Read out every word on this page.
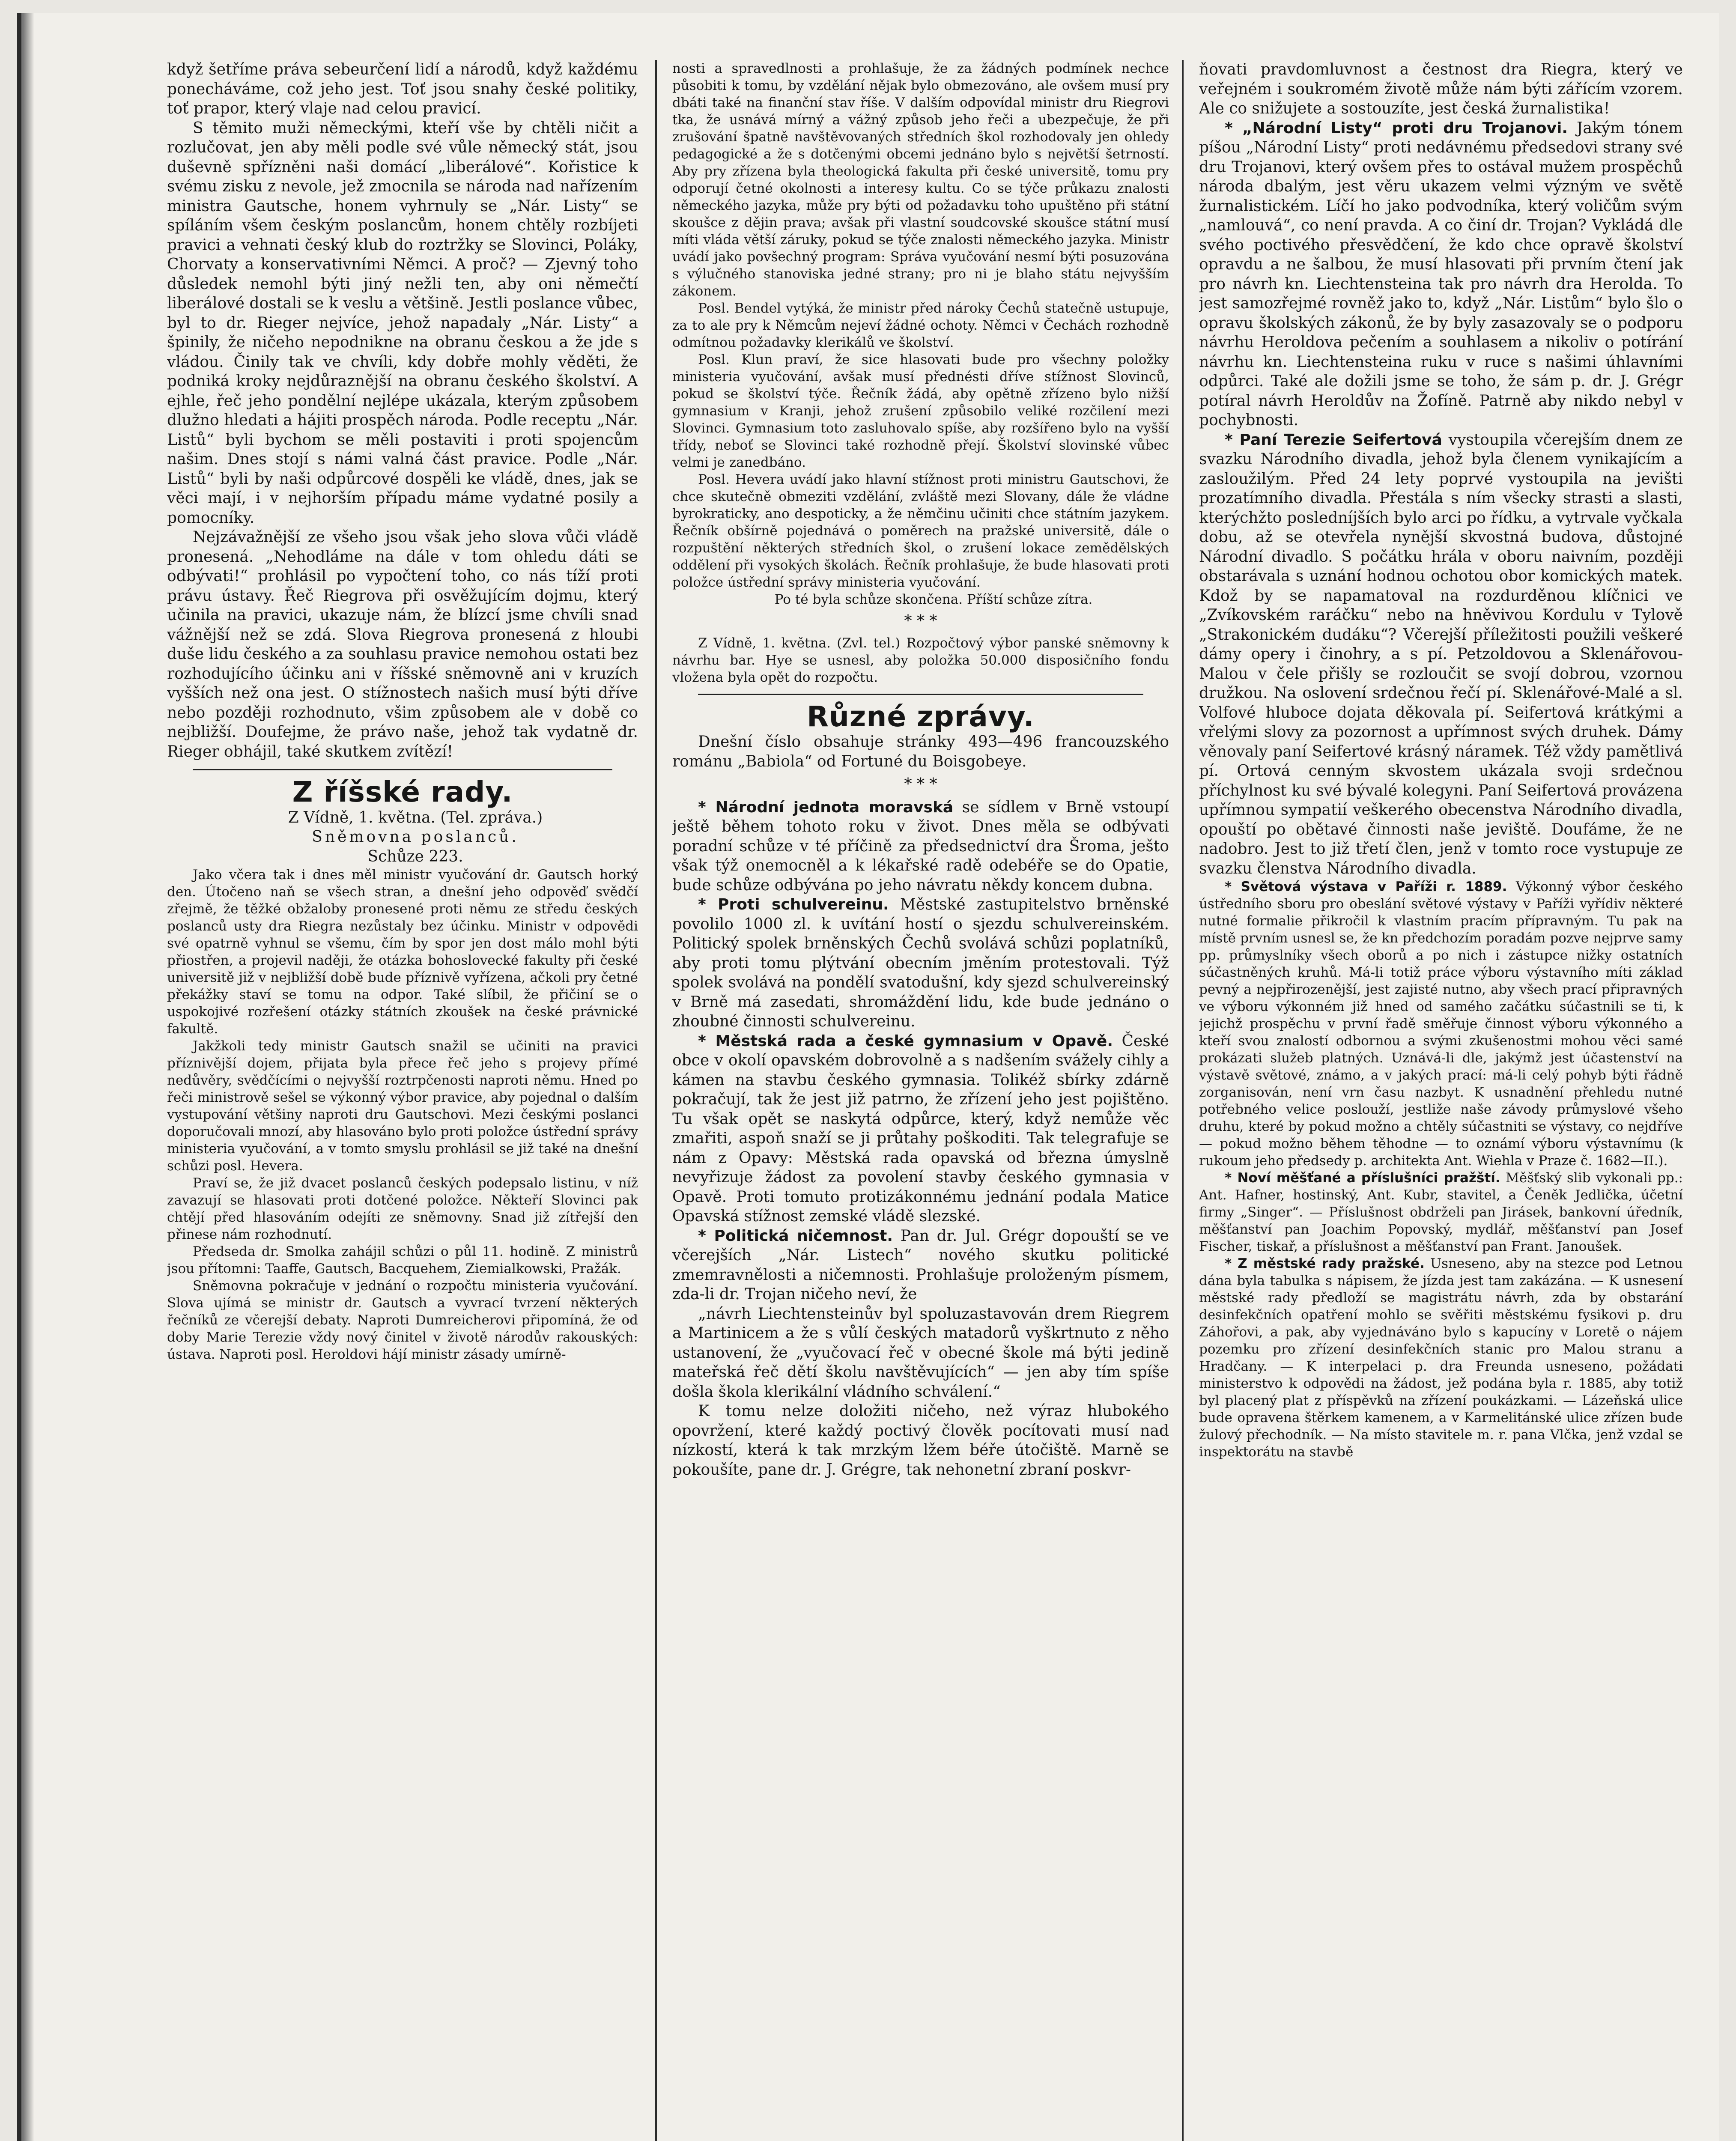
když šetříme práva sebeurčení lidí a národů, když každému ponecháváme, což jeho jest. Toť jsou snahy české politiky, toť prapor, který vlaje nad celou pravicí.

S těmito muži německými, kteří vše by chtěli ničit a rozlučovat, jen aby měli podle své vůle německý stát, jsou duševně spřízněni naši domácí „liberálové“. Kořistice k svému zisku z nevole, jež zmocnila se národa nad nařízením ministra Gautsche, honem vyhrnuly se „Nár. Listy“ se spíláním všem českým poslancům, honem chtěly rozbíjeti pravici a vehnati český klub do roztržky se Slovinci, Poláky, Chorvaty a konservativními Němci. A proč? — Zjevný toho důsledek nemohl býti jiný nežli ten, aby oni němečtí liberálové dostali se k veslu a většině. Jestli poslance vůbec, byl to dr. Rieger nejvíce, jehož napadaly „Nár. Listy“ a špinily, že ničeho nepodnikne na obranu českou a že jde s vládou. Činily tak ve chvíli, kdy dobře mohly věděti, že podniká kroky nejdůraznější na obranu českého školství. A ejhle, řeč jeho pondělní nejlépe ukázala, kterým způsobem dlužno hledati a hájiti prospěch národa. Podle receptu „Nár. Listů“ byli bychom se měli postaviti i proti spojencům našim. Dnes stojí s námi valná část pravice. Podle „Nár. Listů“ byli by naši odpůrcové dospěli ke vládě, dnes, jak se věci mají, i v nejhorším případu máme vydatné posily a pomocníky.

Nejzávažnější ze všeho jsou však jeho slova vůči vládě pronesená. „Nehodláme na dále v tom ohledu dáti se odbývati!“ prohlásil po vypočtení toho, co nás tíží proti právu ústavy. Řeč Riegrova při osvěžujícím dojmu, který učinila na pravici, ukazuje nám, že blízcí jsme chvíli snad vážnější než se zdá. Slova Riegrova pronesená z hloubi duše lidu českého a za souhlasu pravice nemohou ostati bez rozhodujícího účinku ani v říšské sněmovně ani v kruzích vyšších než ona jest. O stížnostech našich musí býti dříve nebo později rozhodnuto, všim způsobem ale v době co nejbližší. Doufejme, že právo naše, jehož tak vydatně dr. Rieger obhájil, také skutkem zvítězí!

Z říšské rady.

Z Vídně, 1. května. (Tel. zpráva.)

Sněmovna poslanců.

Schůze 223.

Jako včera tak i dnes měl ministr vyučování dr. Gautsch horký den. Útočeno naň se všech stran, a dnešní jeho odpověď svědčí zřejmě, že těžké obžaloby pronesené proti němu ze středu českých poslanců usty dra Riegra nezůstaly bez účinku. Ministr v odpovědi své opatrně vyhnul se všemu, čím by spor jen dost málo mohl býti přiostřen, a projevil naději, že otázka bohoslovecké fakulty při české universitě již v nejbližší době bude příznivě vyřízena, ačkoli pry četné překážky staví se tomu na odpor. Také slíbil, že přičiní se o uspokojivé rozřešení otázky státních zkoušek na české právnické fakultě.

Jakžkoli tedy ministr Gautsch snažil se učiniti na pravici příznivější dojem, přijata byla přece řeč jeho s projevy přímé nedůvěry, svědčícími o nejvyšší roztrpčenosti naproti němu. Hned po řeči ministrově sešel se výkonný výbor pravice, aby pojednal o dalším vystupování většiny naproti dru Gautschovi. Mezi českými poslanci doporučovali mnozí, aby hlasováno bylo proti položce ústřední správy ministeria vyučování, a v tomto smyslu prohlásil se již také na dnešní schůzi posl. Hevera.

Praví se, že již dvacet poslanců českých podepsalo listinu, v níž zavazují se hlasovati proti dotčené položce. Někteří Slovinci pak chtějí před hlasováním odejíti ze sněmovny. Snad již zítřejší den přinese nám rozhodnutí.

Předseda dr. Smolka zahájil schůzi o půl 11. hodině. Z ministrů jsou přítomni: Taaffe, Gautsch, Bacquehem, Ziemialkowski, Pražák.

Sněmovna pokračuje v jednání o rozpočtu ministeria vyučování. Slova ujímá se ministr dr. Gautsch a vyvrací tvrzení některých řečníků ze včerejší debaty. Naproti Dumreicherovi připomíná, že od doby Marie Terezie vždy nový činitel v životě národův rakouských: ústava. Naproti posl. Heroldovi hájí ministr zásady umírně-

nosti a spravedlnosti a prohlašuje, že za žádných podmínek nechce působiti k tomu, by vzdělání nějak bylo obmezováno, ale ovšem musí pry dbáti také na finanční stav říše. V dalším odpovídal ministr dru Riegrovi tka, že usnává mírný a vážný způsob jeho řeči a ubezpečuje, že při zrušování špatně navštěvovaných středních škol rozhodovaly jen ohledy pedagogické a že s dotčenými obcemi jednáno bylo s největší šetrností. Aby pry zřízena byla theologická fakulta při české universitě, tomu pry odporují četné okolnosti a interesy kultu. Co se týče průkazu znalosti německého jazyka, může pry býti od požadavku toho upuštěno při státní skoušce z dějin prava; avšak při vlastní soudcovské skoušce státní musí míti vláda větší záruky, pokud se týče znalosti německého jazyka. Ministr uvádí jako povšechný program: Správa vyučování nesmí býti posuzována s výlučného stanoviska jedné strany; pro ni je blaho státu nejvyšším zákonem.

Posl. Bendel vytýká, že ministr před nároky Čechů statečně ustupuje, za to ale pry k Němcům nejeví žádné ochoty. Němci v Čechách rozhodně odmítnou požadavky klerikálů ve školství.

Posl. Klun praví, že sice hlasovati bude pro všechny položky ministeria vyučování, avšak musí přednésti dříve stížnost Slovinců, pokud se školství týče. Řečník žádá, aby opětně zřízeno bylo nižší gymnasium v Kranji, jehož zrušení způsobilo veliké rozčilení mezi Slovinci. Gymnasium toto zasluhovalo spíše, aby rozšířeno bylo na vyšší třídy, neboť se Slovinci také rozhodně přejí. Školství slovinské vůbec velmi je zanedbáno.

Posl. Hevera uvádí jako hlavní stížnost proti ministru Gautschovi, že chce skutečně obmeziti vzdělání, zvláště mezi Slovany, dále že vládne byrokraticky, ano despoticky, a že němčinu učiniti chce státním jazykem. Řečník obšírně pojednává o poměrech na pražské universitě, dále o rozpuštění některých středních škol, o zrušení lokace zemědělských oddělení při vysokých školách. Řečník prohlašuje, že bude hlasovati proti položce ústřední správy ministeria vyučování.

Po té byla schůze skončena. Příští schůze zítra.

* * *

Z Vídně, 1. května. (Zvl. tel.) Rozpočtový výbor panské sněmovny k návrhu bar. Hye se usnesl, aby položka 50.000 disposičního fondu vložena byla opět do rozpočtu.

Různé zprávy.

Dnešní číslo obsahuje stránky 493—496 francouzského románu „Babiola“ od Fortuné du Boisgobeye.

* * *

* Národní jednota moravská se sídlem v Brně vstoupí ještě během tohoto roku v život. Dnes měla se odbývati poradní schůze v té příčině za předsednictví dra Šroma, ješto však týž onemocněl a k lékařské radě odebéře se do Opatie, bude schůze odbývána po jeho návratu někdy koncem dubna.

* Proti schulvereinu. Městské zastupitelstvo brněnské povolilo 1000 zl. k uvítání hostí o sjezdu schulvereinském. Politický spolek brněnských Čechů svolává schůzi poplatníků, aby proti tomu plýtvání obecním jměním protestovali. Týž spolek svolává na pondělí svatodušní, kdy sjezd schulvereinský v Brně má zasedati, shromáždění lidu, kde bude jednáno o zhoubné činnosti schulvereinu.

* Městská rada a české gymnasium v Opavě. České obce v okolí opavském dobrovolně a s nadšením svážely cihly a kámen na stavbu českého gymnasia. Tolikéž sbírky zdárně pokračují, tak že jest již patrno, že zřízení jeho jest pojištěno. Tu však opět se naskytá odpůrce, který, když nemůže věc zmařiti, aspoň snaží se ji průtahy poškoditi. Tak telegrafuje se nám z Opavy: Městská rada opavská od března úmyslně nevyřizuje žádost za povolení stavby českého gymnasia v Opavě. Proti tomuto protizákonnému jednání podala Matice Opavská stížnost zemské vládě slezské.

* Politická ničemnost. Pan dr. Jul. Grégr dopouští se ve včerejších „Nár. Listech“ nového skutku politické zmemravnělosti a ničemnosti. Prohlašuje proloženým písmem, zda-li dr. Trojan ničeho neví, že

„návrh Liechtensteinův byl spoluzastavován drem Riegrem a Martinicem a že s vůlí českých matadorů vyškrtnuto z něho ustanovení, že „vyučovací řeč v obecné škole má býti jedině mateřská řeč dětí školu navštěvujících“ — jen aby tím spíše došla škola klerikální vládního schválení.“

K tomu nelze doložiti ničeho, než výraz hlubokého opovržení, které každý poctivý člověk pocítovati musí nad nízkostí, která k tak mrzkým lžem béře útočiště. Marně se pokoušíte, pane dr. J. Grégre, tak nehonetní zbraní poskvr-

ňovati pravdomluvnost a čestnost dra Riegra, který ve veřejném i soukromém životě může nám býti zářícím vzorem. Ale co snižujete a sostouzíte, jest česká žurnalistika!

* „Národní Listy“ proti dru Trojanovi. Jakým tónem píšou „Národní Listy“ proti nedávnému předsedovi strany své dru Trojanovi, který ovšem přes to ostával mužem prospěchů národa dbalým, jest věru ukazem velmi význým ve světě žurnalistickém. Líčí ho jako podvodníka, který voličům svým „namlouvá“, co není pravda. A co činí dr. Trojan? Vykládá dle svého poctivého přesvědčení, že kdo chce opravě školství opravdu a ne šalbou, že musí hlasovati při prvním čtení jak pro návrh kn. Liechtensteina tak pro návrh dra Herolda. To jest samozřejmé rovněž jako to, když „Nár. Listům“ bylo šlo o opravu školských zákonů, že by byly zasazovaly se o podporu návrhu Heroldova pečením a souhlasem a nikoliv o potírání návrhu kn. Liechtensteina ruku v ruce s našimi úhlavními odpůrci. Také ale dožili jsme se toho, že sám p. dr. J. Grégr potíral návrh Heroldův na Žofíně. Patrně aby nikdo nebyl v pochybnosti.

* Paní Terezie Seifertová vystoupila včerejším dnem ze svazku Národního divadla, jehož byla členem vynikajícím a zasloužilým. Před 24 lety poprvé vystoupila na jevišti prozatímního divadla. Přestála s ním všecky strasti a slasti, kterýchžto posledníjších bylo arci po řídku, a vytrvale vyčkala dobu, až se otevřela nynější skvostná budova, důstojné Národní divadlo. S počátku hrála v oboru naivním, později obstarávala s uznání hodnou ochotou obor komických matek. Kdož by se napamatoval na rozdurděnou klíčnici ve „Zvíkovském raráčku“ nebo na hněvivou Kordulu v Tylově „Strakonickém dudáku“? Včerejší příležitosti použili veškeré dámy opery i činohry, a s pí. Petzoldovou a Sklenářovou-Malou v čele přišly se rozloučit se svojí dobrou, vzornou družkou. Na oslovení srdečnou řečí pí. Sklenářové-Malé a sl. Volfové hluboce dojata děkovala pí. Seifertová krátkými a vřelými slovy za pozornost a upřímnost svých druhek. Dámy věnovaly paní Seifertové krásný náramek. Též vždy pamětlivá pí. Ortová cenným skvostem ukázala svoji srdečnou příchylnost ku své bývalé kolegyni. Paní Seifertová provázena upřímnou sympatií veškerého obecenstva Národního divadla, opouští po obětavé činnosti naše jeviště. Doufáme, že ne nadobro. Jest to již třetí člen, jenž v tomto roce vystupuje ze svazku členstva Národního divadla.

* Světová výstava v Paříži r. 1889. Výkonný výbor českého ústředního sboru pro obeslání světové výstavy v Paříži vyřídiv některé nutné formalie přikročil k vlastním pracím přípravným. Tu pak na místě prvním usnesl se, že kn předchozím poradám pozve nejprve samy pp. průmyslníky všech oborů a po nich i zástupce nižky ostatních súčastněných kruhů. Má-li totiž práce výboru výstavního míti základ pevný a nejpřirozenější, jest zajisté nutno, aby všech prací připravných ve výboru výkonném již hned od samého začátku súčastnili se ti, k jejichž prospěchu v první řadě směřuje činnost výboru výkonného a kteří svou znalostí odbornou a svými zkušenostmi mohou věci samé prokázati služeb platných. Uznává-li dle, jakýmž jest účastenství na výstavě světové, známo, a v jakých prací: má-li celý pohyb býti řádně zorganisován, není vrn času nazbyt. K usnadnění přehledu nutné potřebného velice poslouží, jestliže naše závody průmyslové všeho druhu, které by pokud možno a chtěly súčastniti se výstavy, co nejdříve — pokud možno během těhodne — to oznámí výboru výstavnímu (k rukoum jeho předsedy p. architekta Ant. Wiehla v Praze č. 1682—II.).

* Noví měšťané a příslušníci pražští. Měšťský slib vykonali pp.: Ant. Hafner, hostinský, Ant. Kubr, stavitel, a Čeněk Jedlička, účetní firmy „Singer“. — Příslušnost obdrželi pan Jirásek, bankovní úředník, měšťanství pan Joachim Popovský, mydlář, měšťanství pan Josef Fischer, tiskař, a příslušnost a měšťanství pan Frant. Janoušek.

* Z městské rady pražské. Usneseno, aby na stezce pod Letnou dána byla tabulka s nápisem, že jízda jest tam zakázána. — K usnesení městské rady předloží se magistrátu návrh, zda by obstarání desinfekčních opatření mohlo se svěřiti městskému fysikovi p. dru Záhořovi, a pak, aby vyjednáváno bylo s kapucíny v Loretě o nájem pozemku pro zřízení desinfekčních stanic pro Malou stranu a Hradčany. — K interpelaci p. dra Freunda usneseno, požádati ministerstvo k odpovědi na žádost, jež podána byla r. 1885, aby totiž byl placený plat z příspěvků na zřízení poukázkami. — Lázeňská ulice bude opravena štěrkem kamenem, a v Karmelitánské ulice zřízen bude žulový přechodník. — Na místo stavitele m. r. pana Vlčka, jenž vzdal se inspektorátu na stavbě
